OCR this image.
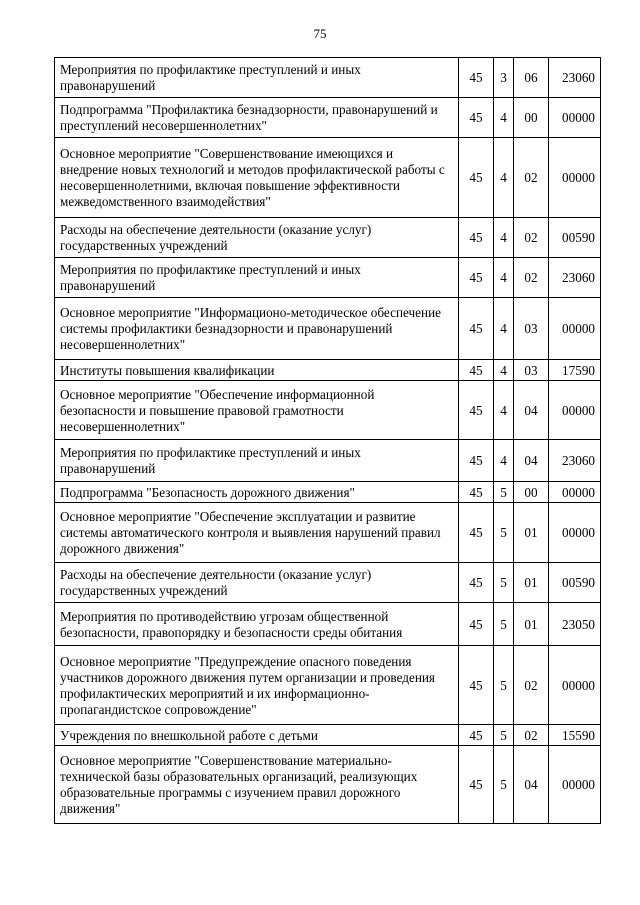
75
Мероприятия по профилактике преступлений и иных правонарушений	45	3	06	23060
Подпрограмма "Профилактика безнадзорности, правонарушений и преступлений несовершеннолетних"	45	4	00	00000
Основное мероприятие "Совершенствование имеющихся и внедрение новых технологий и методов профилактической работы с несовершеннолетними, включая повышение эффективности межведомственного взаимодействия"	45	4	02	00000
Расходы на обеспечение деятельности (оказание услуг) государственных учреждений	45	4	02	00590
Мероприятия по профилактике преступлений и иных правонарушений	45	4	02	23060
Основное мероприятие "Информационо-методическое обеспечение системы профилактики безнадзорности и правонарушений несовершеннолетних"	45	4	03	00000
Институты повышения квалификации	45	4	03	17590
Основное мероприятие "Обеспечение информационной безопасности и повышение правовой грамотности несовершеннолетних"	45	4	04	00000
Мероприятия по профилактике преступлений и иных правонарушений	45	4	04	23060
Подпрограмма "Безопасность дорожного движения"	45	5	00	00000
Основное мероприятие "Обеспечение эксплуатации и развитие системы автоматического контроля и выявления нарушений правил дорожного движения"	45	5	01	00000
Расходы на обеспечение деятельности (оказание услуг) государственных учреждений	45	5	01	00590
Мероприятия по противодействию угрозам общественной безопасности, правопорядку и безопасности среды обитания	45	5	01	23050
Основное мероприятие "Предупреждение опасного поведения участников дорожного движения путем организации и проведения профилактических мероприятий и их информационно-пропагандистское сопровождение"	45	5	02	00000
Учреждения по внешкольной работе с детьми	45	5	02	15590
Основное мероприятие "Совершенствование материально-технической базы образовательных организаций, реализующих образовательные программы с изучением правил дорожного движения"	45	5	04	00000
